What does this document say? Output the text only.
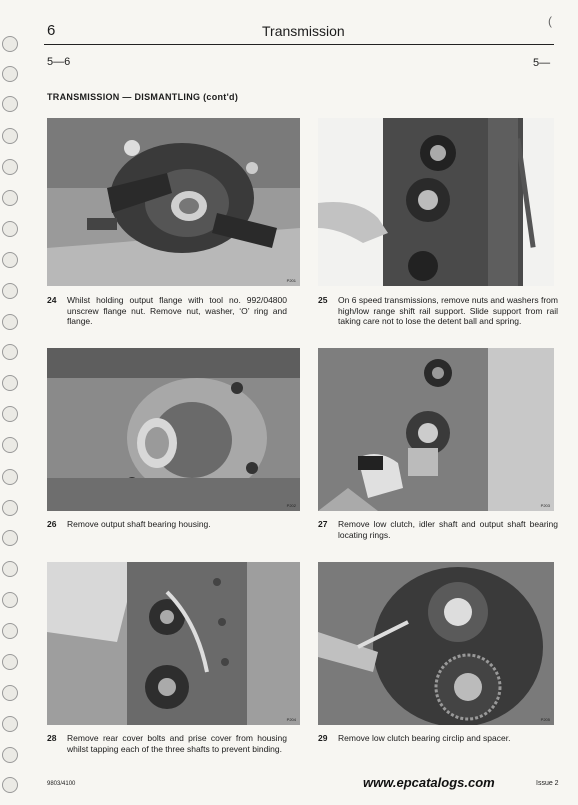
6	Transmission
(
5—6	5—
TRANSMISSION — DISMANTLING (cont'd)
P201
24 Whilst holding output flange with tool no. 992/04800 unscrew flange nut. Remove nut, washer, ‘O’ ring and flange.
25 On 6 speed transmissions, remove nuts and washers from high/low range shift rail support. Slide support from rail taking care not to lose the detent ball and spring.
P202
26 Remove output shaft bearing housing.
P203
27 Remove low clutch, idler shaft and output shaft bearing locating rings.
P204
28 Remove rear cover bolts and prise cover from housing whilst tapping each of the three shafts to prevent binding.
P205
29 Remove low clutch bearing circlip and spacer.
9803/4100	www.epcatalogs.com	Issue 2
